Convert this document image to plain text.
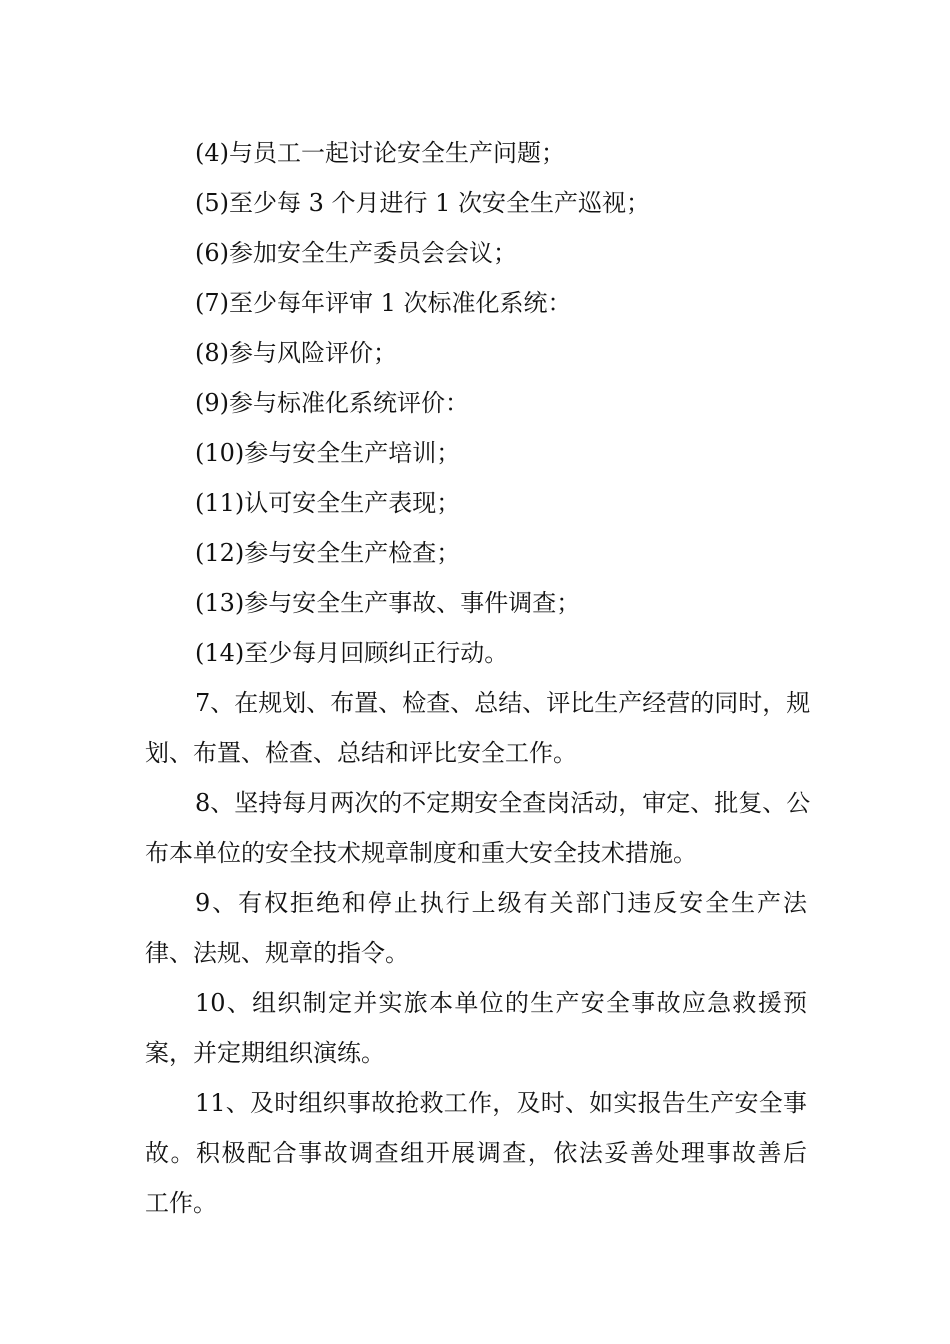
(4)与员工一起讨论安全生产问题；
(5)至少每 3 个月进行 1 次安全生产巡视；
(6)参加安全生产委员会会议；
(7)至少每年评审 1 次标准化系统：
(8)参与风险评价；
(9)参与标准化系统评价：
(10)参与安全生产培训；
(11)认可安全生产表现；
(12)参与安全生产检查；
(13)参与安全生产事故、事件调查；
(14)至少每月回顾纠正行动。
7、在规划、布置、检查、总结、评比生产经营的同时，规
划、布置、检查、总结和评比安全工作。
8、坚持每月两次的不定期安全查岗活动，审定、批复、公
布本单位的安全技术规章制度和重大安全技术措施。
9、有权拒绝和停止执行上级有关部门违反安全生产法
律、法规、规章的指令。
10、组织制定并实旅本单位的生产安全事故应急救援预
案，并定期组织演练。
11、及时组织事故抢救工作，及时、如实报告生产安全事
故。积极配合事故调查组开展调查，依法妥善处理事故善后
工作。
